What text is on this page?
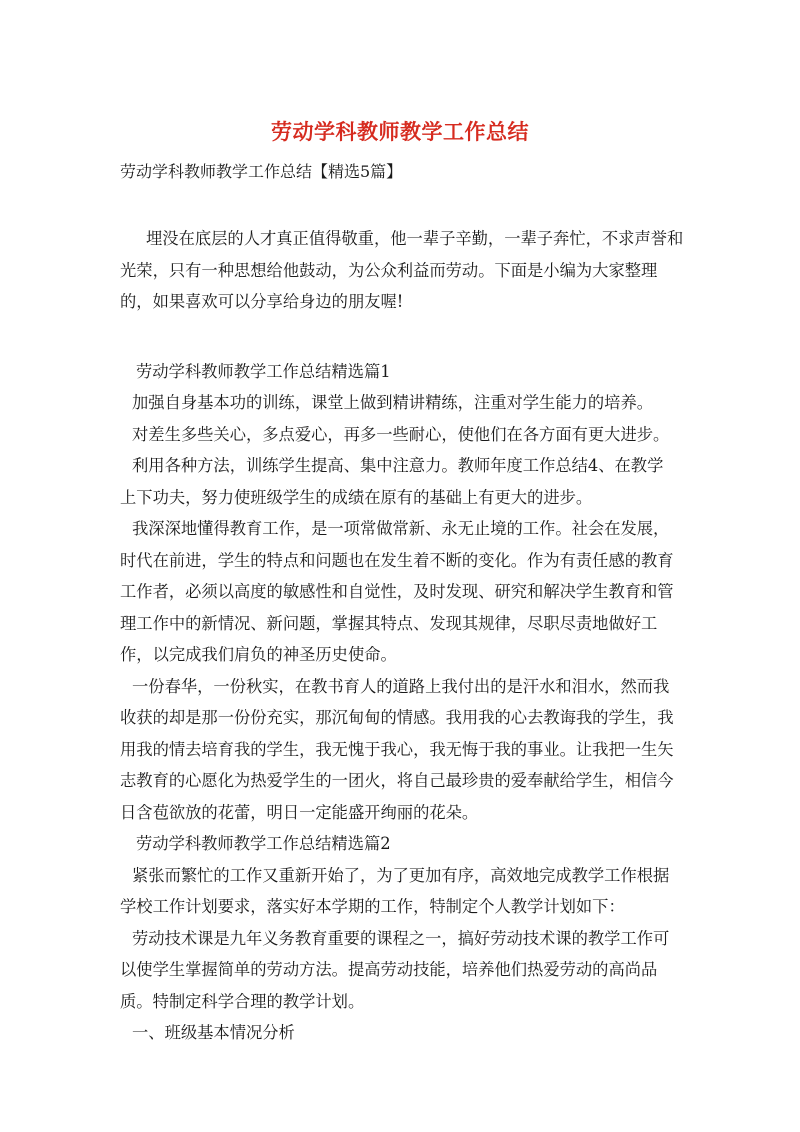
劳动学科教师教学工作总结
劳动学科教师教学工作总结【精选5篇】
埋没在底层的人才真正值得敬重，他一辈子辛勤，一辈子奔忙，不求声誉和
光荣，只有一种思想给他鼓动，为公众利益而劳动。下面是小编为大家整理
的，如果喜欢可以分享给身边的朋友喔!
劳动学科教师教学工作总结精选篇1
加强自身基本功的训练，课堂上做到精讲精练，注重对学生能力的培养。
对差生多些关心，多点爱心，再多一些耐心，使他们在各方面有更大进步。
利用各种方法，训练学生提高、集中注意力。教师年度工作总结4、在教学
上下功夫，努力使班级学生的成绩在原有的基础上有更大的进步。
我深深地懂得教育工作，是一项常做常新、永无止境的工作。社会在发展，
时代在前进，学生的特点和问题也在发生着不断的变化。作为有责任感的教育
工作者，必须以高度的敏感性和自觉性，及时发现、研究和解决学生教育和管
理工作中的新情况、新问题，掌握其特点、发现其规律，尽职尽责地做好工
作，以完成我们肩负的神圣历史使命。
一份春华，一份秋实，在教书育人的道路上我付出的是汗水和泪水，然而我
收获的却是那一份份充实，那沉甸甸的情感。我用我的心去教诲我的学生，我
用我的情去培育我的学生，我无愧于我心，我无悔于我的事业。让我把一生矢
志教育的心愿化为热爱学生的一团火，将自己最珍贵的爱奉献给学生，相信今
日含苞欲放的花蕾，明日一定能盛开绚丽的花朵。
劳动学科教师教学工作总结精选篇2
紧张而繁忙的工作又重新开始了，为了更加有序，高效地完成教学工作根据
学校工作计划要求，落实好本学期的工作，特制定个人教学计划如下：
劳动技术课是九年义务教育重要的课程之一，搞好劳动技术课的教学工作可
以使学生掌握简单的劳动方法。提高劳动技能，培养他们热爱劳动的高尚品
质。特制定科学合理的教学计划。
一、班级基本情况分析
